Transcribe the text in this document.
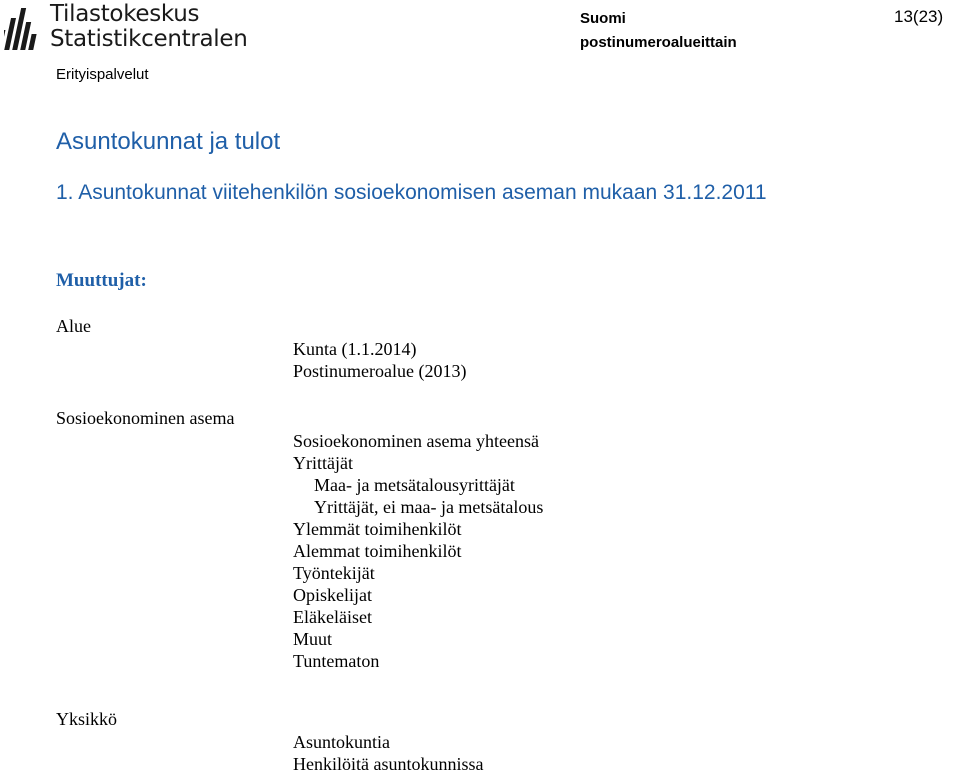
Tilastokeskus
Statistikcentralen
Erityispalvelut
Suomi
postinumeroalueittain
13(23)
Asuntokunnat ja tulot
1. Asuntokunnat viitehenkilön sosioekonomisen aseman mukaan 31.12.2011
Muuttujat:
Alue
Kunta (1.1.2014)
Postinumeroalue (2013)
Sosioekonominen asema
Sosioekonominen asema yhteensä
Yrittäjät
Maa- ja metsätalousyrittäjät
Yrittäjät, ei maa- ja metsätalous
Ylemmät toimihenkilöt
Alemmat toimihenkilöt
Työntekijät
Opiskelijat
Eläkeläiset
Muut
Tuntematon
Yksikkö
Asuntokuntia
Henkilöitä asuntokunnissa
